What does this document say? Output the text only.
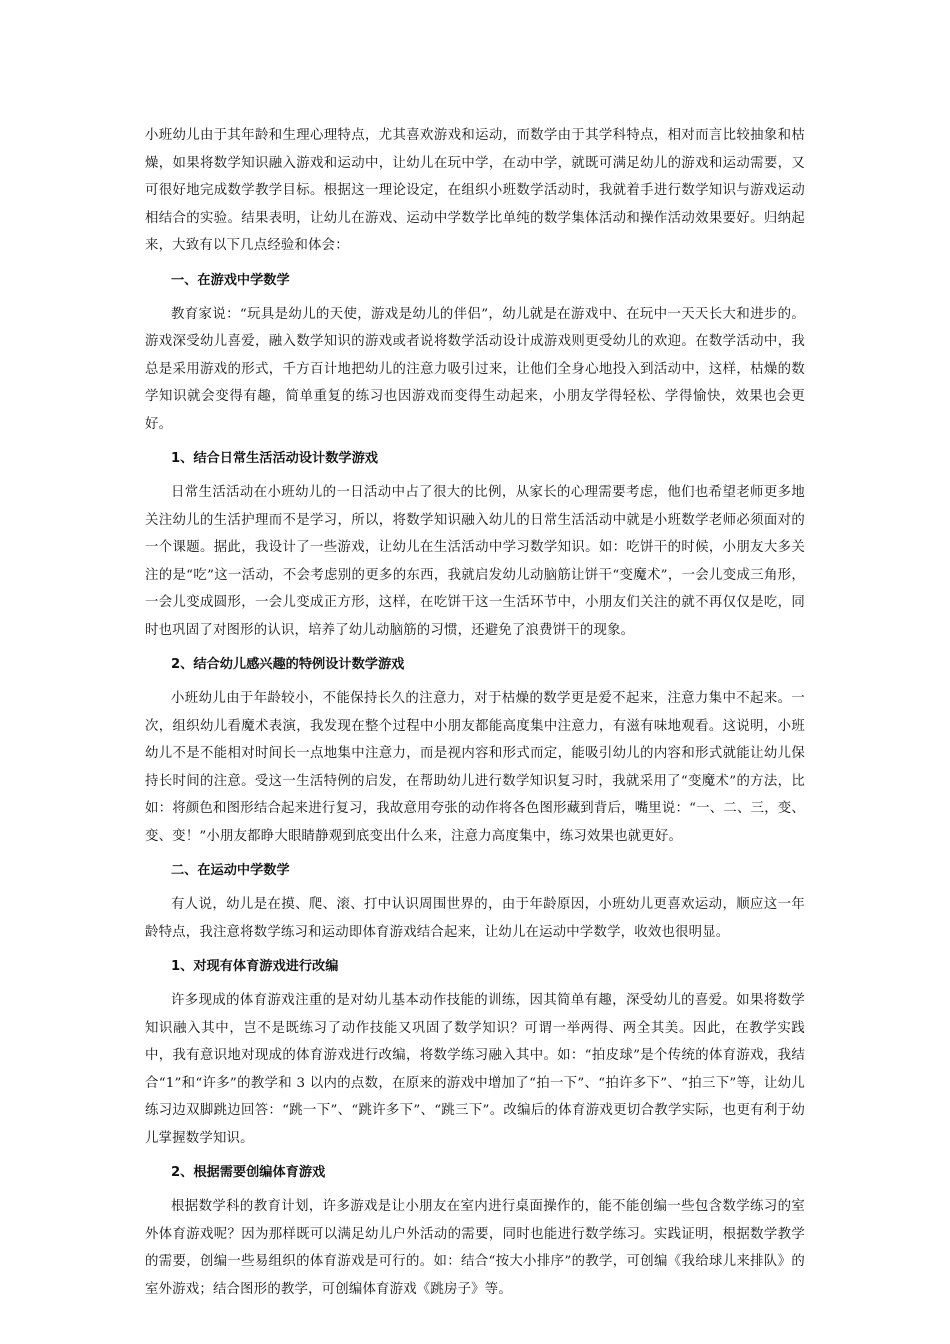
小班幼儿由于其年龄和生理心理特点，尤其喜欢游戏和运动，而数学由于其学科特点，相对而言比较抽象和枯燥，如果将数学知识融入游戏和运动中，让幼儿在玩中学，在动中学，就既可满足幼儿的游戏和运动需要，又可很好地完成数学教学目标。根据这一理论设定，在组织小班数学活动时，我就着手进行数学知识与游戏运动相结合的实验。结果表明，让幼儿在游戏、运动中学数学比单纯的数学集体活动和操作活动效果要好。归纳起来，大致有以下几点经验和体会：

一、在游戏中学数学

教育家说：“玩具是幼儿的天使，游戏是幼儿的伴侣”，幼儿就是在游戏中、在玩中一天天长大和进步的。游戏深受幼儿喜爱，融入数学知识的游戏或者说将数学活动设计成游戏则更受幼儿的欢迎。在数学活动中，我总是采用游戏的形式，千方百计地把幼儿的注意力吸引过来，让他们全身心地投入到活动中，这样，枯燥的数学知识就会变得有趣，简单重复的练习也因游戏而变得生动起来，小朋友学得轻松、学得愉快，效果也会更好。

1、结合日常生活活动设计数学游戏

日常生活活动在小班幼儿的一日活动中占了很大的比例，从家长的心理需要考虑，他们也希望老师更多地关注幼儿的生活护理而不是学习，所以，将数学知识融入幼儿的日常生活活动中就是小班数学老师必须面对的一个课题。据此，我设计了一些游戏，让幼儿在生活活动中学习数学知识。如：吃饼干的时候，小朋友大多关注的是“吃”这一活动，不会考虑别的更多的东西，我就启发幼儿动脑筋让饼干“变魔术”，一会儿变成三角形，一会儿变成圆形，一会儿变成正方形，这样，在吃饼干这一生活环节中，小朋友们关注的就不再仅仅是吃，同时也巩固了对图形的认识，培养了幼儿动脑筋的习惯，还避免了浪费饼干的现象。

2、结合幼儿感兴趣的特例设计数学游戏

小班幼儿由于年龄较小，不能保持长久的注意力，对于枯燥的数学更是爱不起来，注意力集中不起来。一次，组织幼儿看魔术表演，我发现在整个过程中小朋友都能高度集中注意力，有滋有味地观看。这说明，小班幼儿不是不能相对时间长一点地集中注意力，而是视内容和形式而定，能吸引幼儿的内容和形式就能让幼儿保持长时间的注意。受这一生活特例的启发，在帮助幼儿进行数学知识复习时，我就采用了“变魔术”的方法，比如：将颜色和图形结合起来进行复习，我故意用夸张的动作将各色图形藏到背后，嘴里说：“一、二、三，变、变、变！”小朋友都睁大眼睛静观到底变出什么来，注意力高度集中，练习效果也就更好。

二、在运动中学数学

有人说，幼儿是在摸、爬、滚、打中认识周围世界的，由于年龄原因，小班幼儿更喜欢运动，顺应这一年龄特点，我注意将数学练习和运动即体育游戏结合起来，让幼儿在运动中学数学，收效也很明显。

1、对现有体育游戏进行改编

许多现成的体育游戏注重的是对幼儿基本动作技能的训练，因其简单有趣，深受幼儿的喜爱。如果将数学知识融入其中，岂不是既练习了动作技能又巩固了数学知识？可谓一举两得、两全其美。因此，在教学实践中，我有意识地对现成的体育游戏进行改编，将数学练习融入其中。如：“拍皮球”是个传统的体育游戏，我结合“1”和“许多”的教学和 3 以内的点数，在原来的游戏中增加了“拍一下”、“拍许多下”、“拍三下”等，让幼儿练习边双脚跳边回答：“跳一下”、“跳许多下”、“跳三下”。改编后的体育游戏更切合教学实际，也更有利于幼儿掌握数学知识。

2、根据需要创编体育游戏

根据数学科的教育计划，许多游戏是让小朋友在室内进行桌面操作的，能不能创编一些包含数学练习的室外体育游戏呢？因为那样既可以满足幼儿户外活动的需要，同时也能进行数学练习。实践证明，根据数学教学的需要，创编一些易组织的体育游戏是可行的。如：结合“按大小排序”的教学，可创编《我给球儿来排队》的室外游戏；结合图形的教学，可创编体育游戏《跳房子》等。
